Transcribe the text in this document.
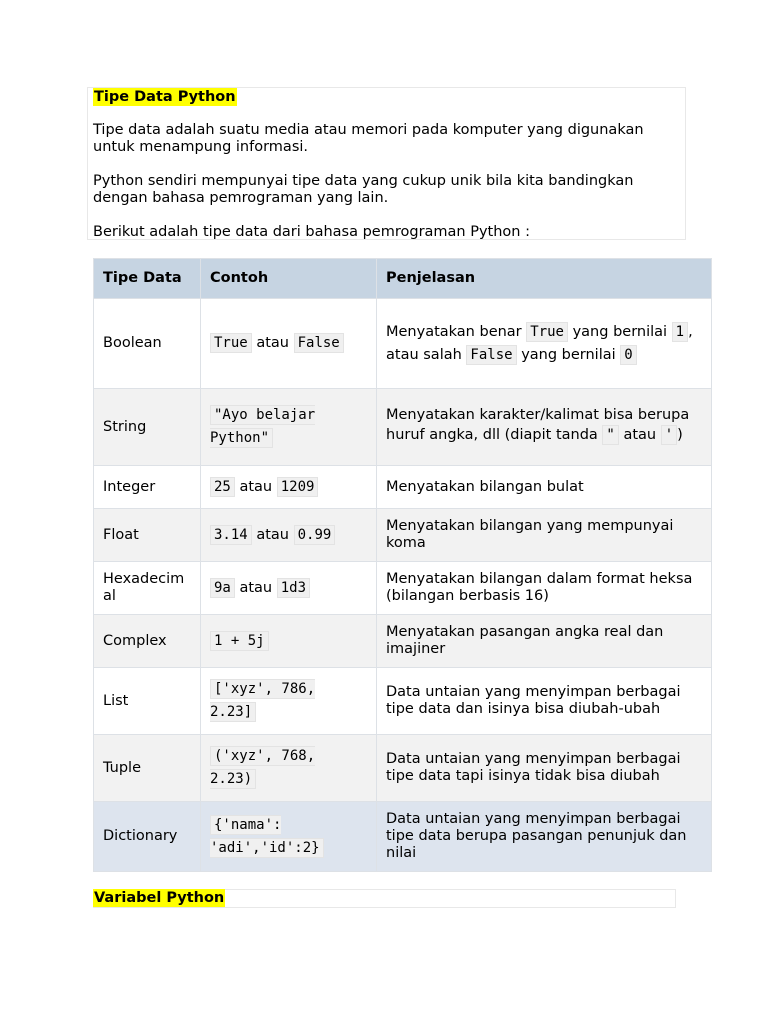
Tipe Data Python
Tipe data adalah suatu media atau memori pada komputer yang digunakan untuk menampung informasi.
Python sendiri mempunyai tipe data yang cukup unik bila kita bandingkan dengan bahasa pemrograman yang lain.
Berikut adalah tipe data dari bahasa pemrograman Python :
Tipe Data	Contoh	Penjelasan
Boolean	True atau False	Menyatakan benar True yang bernilai 1 , atau salah False yang bernilai 0
String	"Ayo belajar Python"	Menyatakan karakter/kalimat bisa berupa huruf angka, dll (diapit tanda " atau ' )
Integer	25 atau 1209	Menyatakan bilangan bulat
Float	3.14 atau 0.99	Menyatakan bilangan yang mempunyai koma
Hexadecimal	9a atau 1d3	Menyatakan bilangan dalam format heksa (bilangan berbasis 16)
Complex	1 + 5j	Menyatakan pasangan angka real dan imajiner
List	['xyz', 786, 2.23]	Data untaian yang menyimpan berbagai tipe data dan isinya bisa diubah-ubah
Tuple	('xyz', 768, 2.23)	Data untaian yang menyimpan berbagai tipe data tapi isinya tidak bisa diubah
Dictionary	{'nama': 'adi','id':2}	Data untaian yang menyimpan berbagai tipe data berupa pasangan penunjuk dan nilai
Variabel Python
